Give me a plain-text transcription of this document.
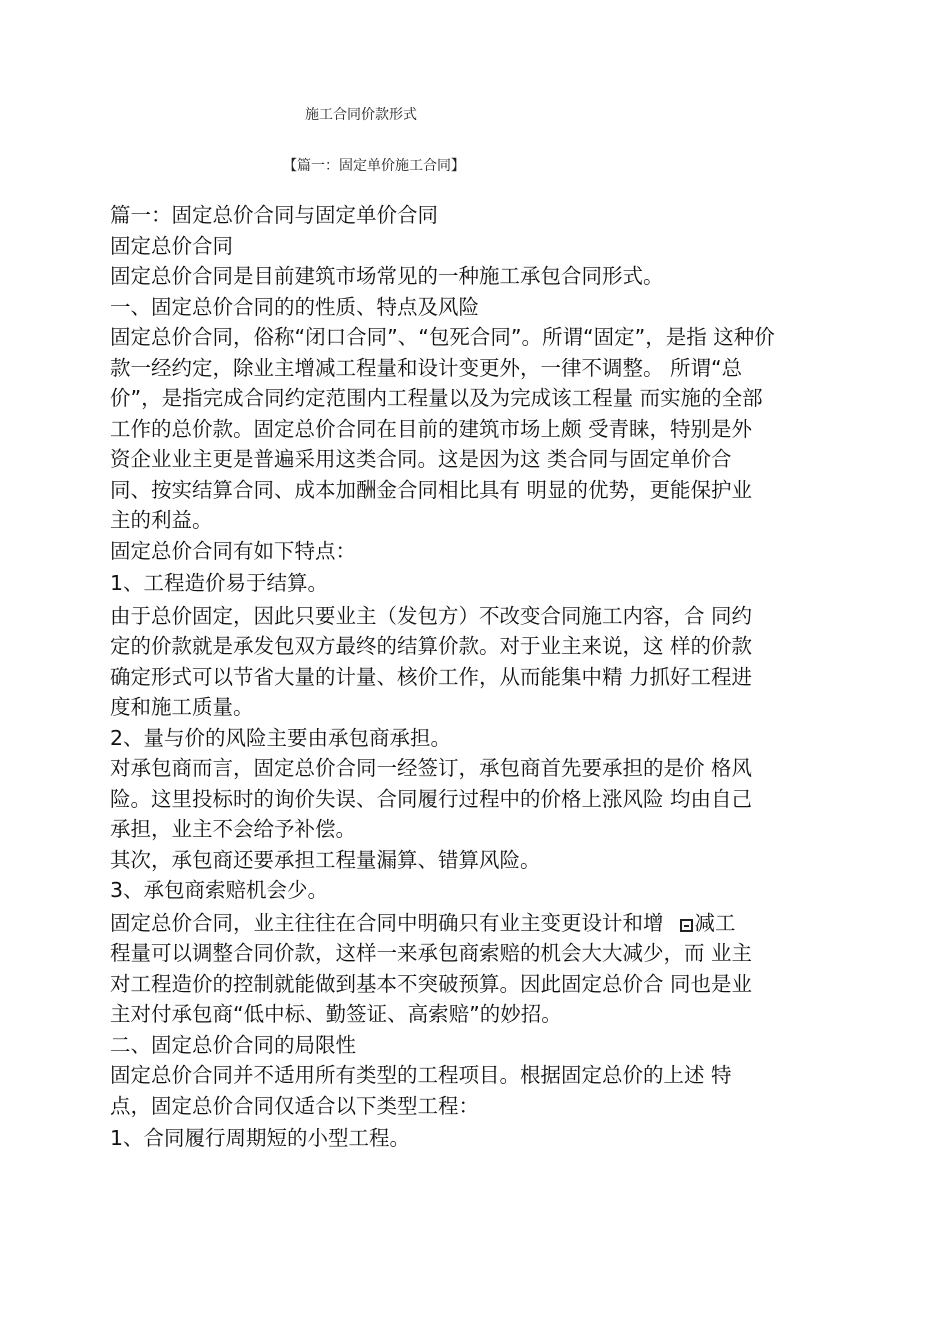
施工合同价款形式
【篇一：固定单价施工合同】
篇一：固定总价合同与固定单价合同
固定总价合同
固定总价合同是目前建筑市场常见的一种施工承包合同形式。
一、固定总价合同的的性质、特点及风险
固定总价合同，俗称“闭口合同”、“包死合同”。所谓“固定”，是指 这种价
款一经约定，除业主增减工程量和设计变更外，一律不调整。 所谓“总
价”，是指完成合同约定范围内工程量以及为完成该工程量 而实施的全部
工作的总价款。固定总价合同在目前的建筑市场上颇 受青睐，特别是外
资企业业主更是普遍采用这类合同。这是因为这 类合同与固定单价合
同、按实结算合同、成本加酬金合同相比具有 明显的优势，更能保护业
主的利益。
固定总价合同有如下特点：
1、工程造价易于结算。
由于总价固定，因此只要业主（发包方）不改变合同施工内容，合 同约
定的价款就是承发包双方最终的结算价款。对于业主来说，这 样的价款
确定形式可以节省大量的计量、核价工作，从而能集中精 力抓好工程进
度和施工质量。
2、量与价的风险主要由承包商承担。
对承包商而言，固定总价合同一经签订，承包商首先要承担的是价 格风
险。这里投标时的询价失误、合同履行过程中的价格上涨风险 均由自己
承担，业主不会给予补偿。
其次，承包商还要承担工程量漏算、错算风险。
3、承包商索赔机会少。
固定总价合同，业主往往在合同中明确只有业主变更设计和增 减工
程量可以调整合同价款，这样一来承包商索赔的机会大大减少，而 业主
对工程造价的控制就能做到基本不突破预算。因此固定总价合 同也是业
主对付承包商“低中标、勤签证、高索赔”的妙招。
二、固定总价合同的局限性
固定总价合同并不适用所有类型的工程项目。根据固定总价的上述 特
点，固定总价合同仅适合以下类型工程：
1、合同履行周期短的小型工程。
